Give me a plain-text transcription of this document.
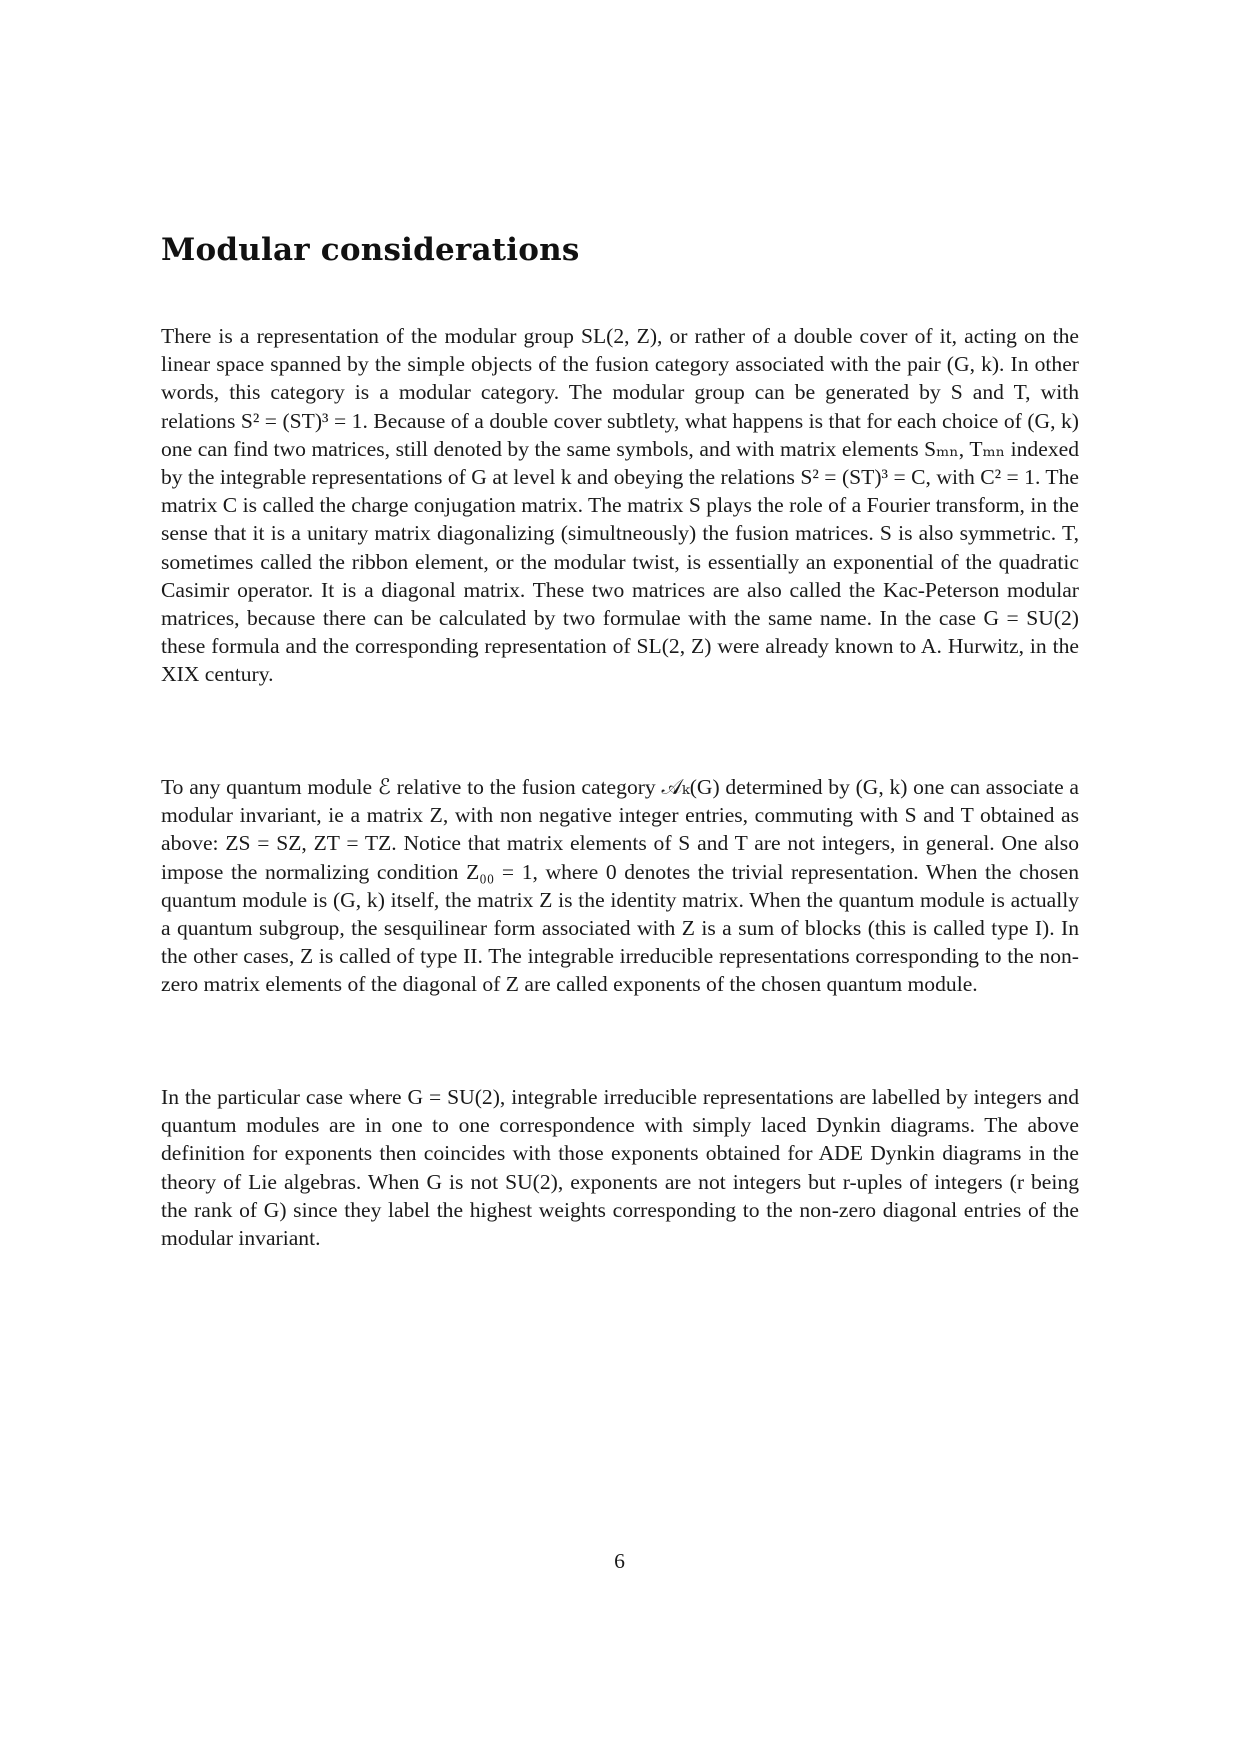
Modular considerations

There is a representation of the modular group SL(2, Z), or rather of a double cover of it, acting on the linear space spanned by the simple objects of the fusion category associated with the pair (G, k). In other words, this category is a modular category. The modular group can be generated by S and T, with relations S² = (ST)³ = 1. Because of a double cover subtlety, what happens is that for each choice of (G, k) one can find two matrices, still denoted by the same symbols, and with matrix elements Sₘₙ, Tₘₙ indexed by the integrable representations of G at level k and obeying the relations S² = (ST)³ = C, with C² = 1. The matrix C is called the charge conjugation matrix. The matrix S plays the role of a Fourier transform, in the sense that it is a unitary matrix diagonalizing (simultneously) the fusion matrices. S is also symmetric. T, sometimes called the ribbon element, or the modular twist, is essentially an exponential of the quadratic Casimir operator. It is a diagonal matrix. These two matrices are also called the Kac-Peterson modular matrices, because there can be calculated by two formulae with the same name. In the case G = SU(2) these formula and the corresponding representation of SL(2, Z) were already known to A. Hurwitz, in the XIX century.

To any quantum module ℰ relative to the fusion category 𝒜ₖ(G) determined by (G, k) one can associate a modular invariant, ie a matrix Z, with non negative integer entries, commuting with S and T obtained as above: ZS = SZ, ZT = TZ. Notice that matrix elements of S and T are not integers, in general. One also impose the normalizing condition Z₀₀ = 1, where 0 denotes the trivial representation. When the chosen quantum module is (G, k) itself, the matrix Z is the identity matrix. When the quantum module is actually a quantum subgroup, the sesquilinear form associated with Z is a sum of blocks (this is called type I). In the other cases, Z is called of type II. The integrable irreducible representations corresponding to the non-zero matrix elements of the diagonal of Z are called exponents of the chosen quantum module.

In the particular case where G = SU(2), integrable irreducible representations are labelled by integers and quantum modules are in one to one correspondence with simply laced Dynkin diagrams. The above definition for exponents then coincides with those exponents obtained for ADE Dynkin diagrams in the theory of Lie algebras. When G is not SU(2), exponents are not integers but r-uples of integers (r being the rank of G) since they label the highest weights corresponding to the non-zero diagonal entries of the modular invariant.

6
